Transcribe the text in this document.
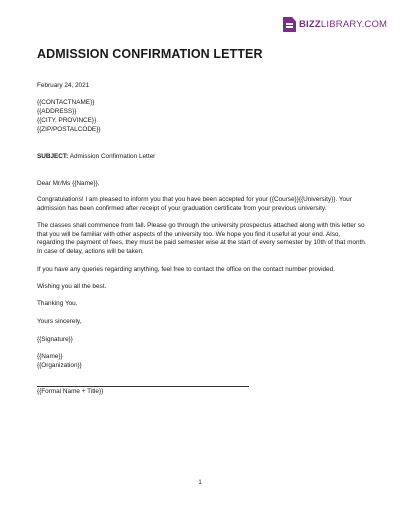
BIZZLIBRARY.COM
ADMISSION CONFIRMATION LETTER
February 24, 2021
{{CONTACTNAME}}
{{ADDRESS}}
{{CITY, PROVINCE}}
{{ZIP/POSTALCODE}}
SUBJECT: Admission Confirmation Letter
Dear Mr/Ms {{Name}},
Congratulations! I am pleased to inform you that you have been accepted for your {{Course}}{{University}}. Your admission has been confirmed after receipt of your graduation certificate from your previous university.
The classes shall commence from fall. Please go through the university prospectus attached along with this letter so that you will be familiar with other aspects of the university too. We hope you find it useful at your end. Also, regarding the payment of fees, they must be paid semester wise at the start of every semester by 10th of that month. In case of delay, actions will be taken.
If you have any queries regarding anything, feel free to contact the office on the contact number provided.
Wishing you all the best.
Thanking You.
Yours sincerely,
{{Signature}}
{{Name}}
{{Organization}}
{{Formal Name + Title}}
1
